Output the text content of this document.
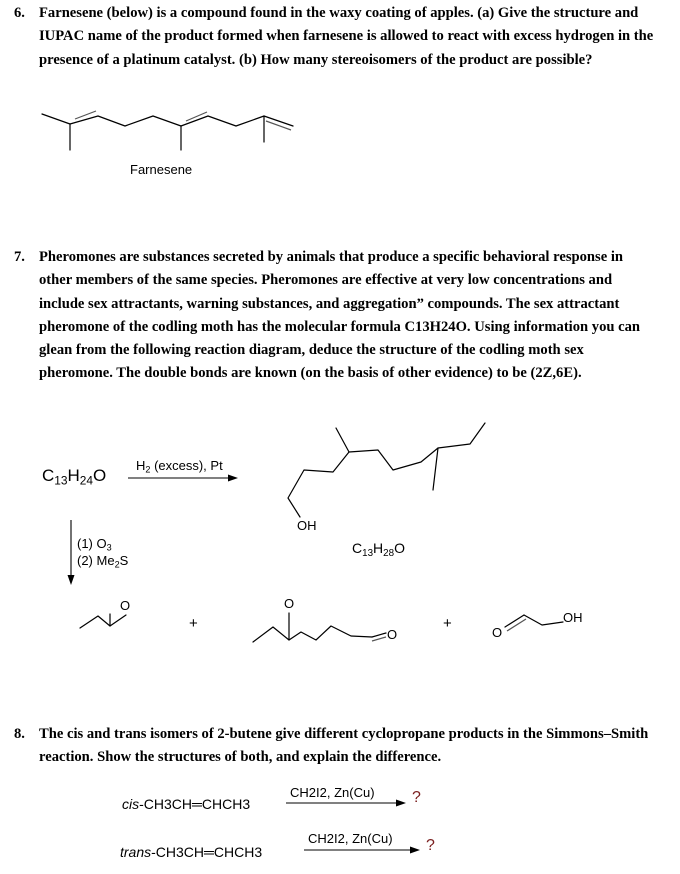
6. Farnesene (below) is a compound found in the waxy coating of apples. (a) Give the structure and IUPAC name of the product formed when farnesene is allowed to react with excess hydrogen in the presence of a platinum catalyst. (b) How many stereoisomers of the product are possible?
Farnesene
7. Pheromones are substances secreted by animals that produce a specific behavioral response in other members of the same species. Pheromones are effective at very low concentrations and include sex attractants, warning substances, and aggregation” compounds. The sex attractant pheromone of the codling moth has the molecular formula C13H24O. Using information you can glean from the following reaction diagram, deduce the structure of the codling moth sex pheromone. The double bonds are known (on the basis of other evidence) to be (2Z,6E).
$C_{13}H_{24}O$
$H_2$ (excess), Pt
(1) $O_3$
(2) $Me_2S$
OH
$C_{13}H_{28}O$
O	O
O	O
OH
+	+
8. The cis and trans isomers of 2-butene give different cyclopropane products in the Simmons–Smith reaction. Show the structures of both, and explain the difference.
cis-CH3CH═CHCH3
CH2I2, Zn(Cu) ?
trans-CH3CH═CHCH3
CH2I2, Zn(Cu) ?
